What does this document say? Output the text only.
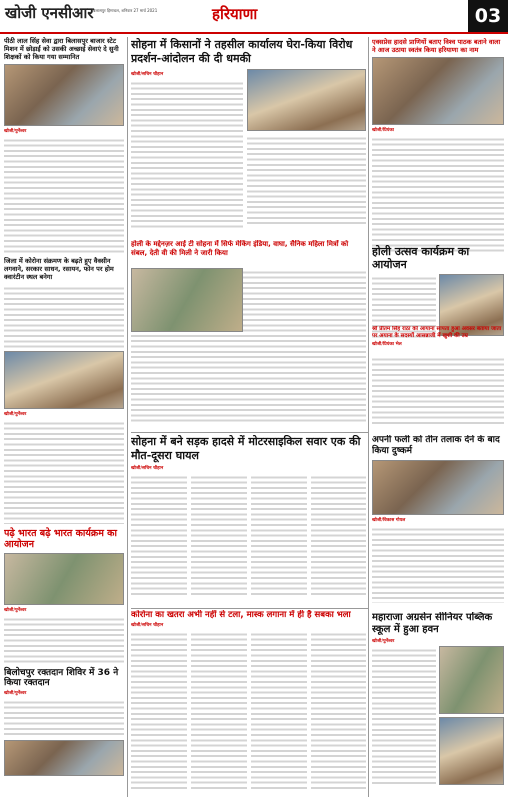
खोजी एनसीआर
बिलासपुर हिमाचल, शनिवार 27 मार्च 2021	हरियाणा	03
पीठी लाल सिंह सेवा द्वारा बिलासपुर बाजार स्टेट मिशन में छोड़ाईं को उसकी अच्छाई सेवाएं दे सुनी शिक्षकों को किया गया सम्मानित
खोजी/पुर्नेश्वर
जिला में कोरोना संक्रमण के बढ़ते हुए वैक्सीन लगवाने, सरकार साधन, रसायन, फोन पर होम क्वारंटीन स्थल बनेगा
खोजी/पुर्नेश्वर
पढ़े भारत बढ़े भारत कार्यक्रम का आयोजन
खोजी/पुर्नेश्वर
बिलोचपुर रक्तदान शिविर में 36 ने किया रक्तदान
खोजी/पुर्नेश्वर
सोहना में किसानों ने तहसील कार्यालय घेरा-किया विरोध प्रदर्शन-आंदोलन की दी धमकी
खोजी/सचिन चौहान
होली के मद्देनज़र आई टी सोहना में सिर्फ मेकिंग इंडिया, वाघा, सैनिक महिला मित्रों को संबल, देती वी की मिली ने जारी किया
एक्सप्रेस हादसे प्राणियों बताए विश्व पाठक बताने वाला ने आज उठाया स्वतंत्र किया हरियाणा का नाम
खोजी/प्रियंका
होली उत्सव कार्यक्रम का आयोजन
खोजी/प्रियंका भेल
श्री प्रीतम सिंह राठा को आयाना सांपता हुआ अवसर बताया जाता पर अयाना के सदस्यों आसन्नाजी में खुशी की उम्र
सोहना में बने सड़क हादसे में मोटरसाइकिल सवार एक की मौत-दूसरा घायल
खोजी/सचिन चौहान
अपनी फली को तीन तलाक देने के बाद किया दुष्कर्म
खोजी/विकास गोयल
कोरोना का खतरा अभी नहीं से टला, मास्क लगाना में ही है सबका भला
खोजी/सचिन चौहान
महाराजा अग्रसेन सीनियर पब्लिक स्कूल में हुआ हवन
खोजी/पुर्नेश्वर
